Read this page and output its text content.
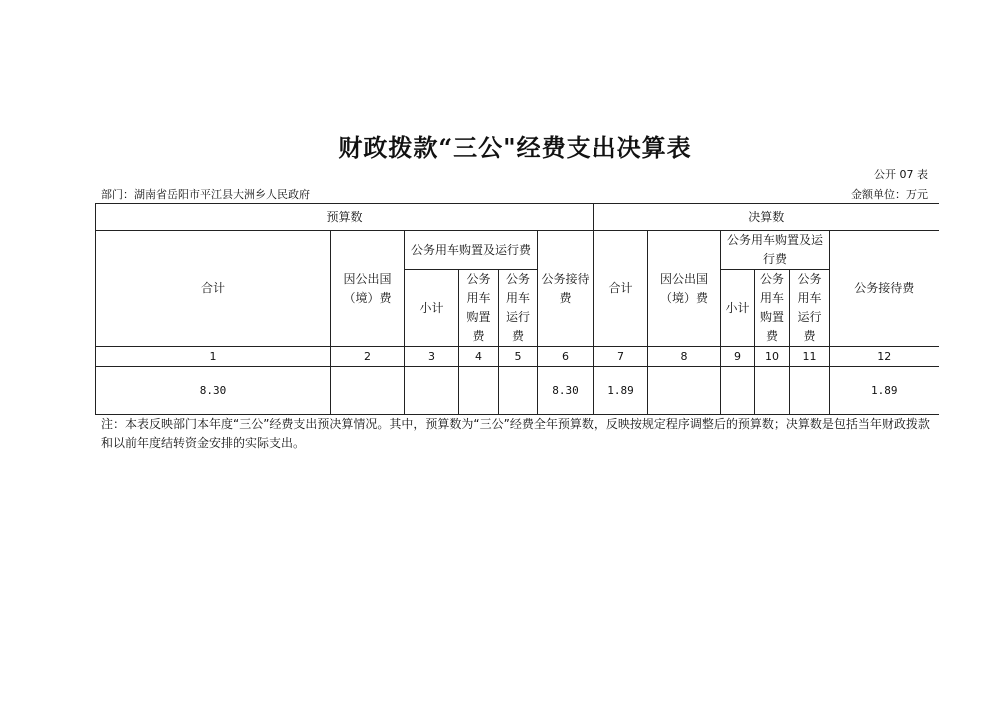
财政拨款“三公"经费支出决算表
公开 07 表
部门：湖南省岳阳市平江县大洲乡人民政府	金额单位：万元
预算数						决算数					
合计	因公出国（境）费	公务用车购置及运行费			公务接待费	合计	因公出国（境）费	公务用车购置及运行费			公务接待费
		小计	公务用车购置费	公务用车运行费				小计	公务用车购置费	公务用车运行费	
1	2	3	4	5	6	7	8	9	10	11	12
8.30					8.30	1.89					1.89
注：本表反映部门本年度“三公”经费支出预决算情况。其中，预算数为“三公”经费全年预算数，反映按规定程序调整后的预算数；决算数是包括当年财政拨款和以前年度结转资金安排的实际支出。
